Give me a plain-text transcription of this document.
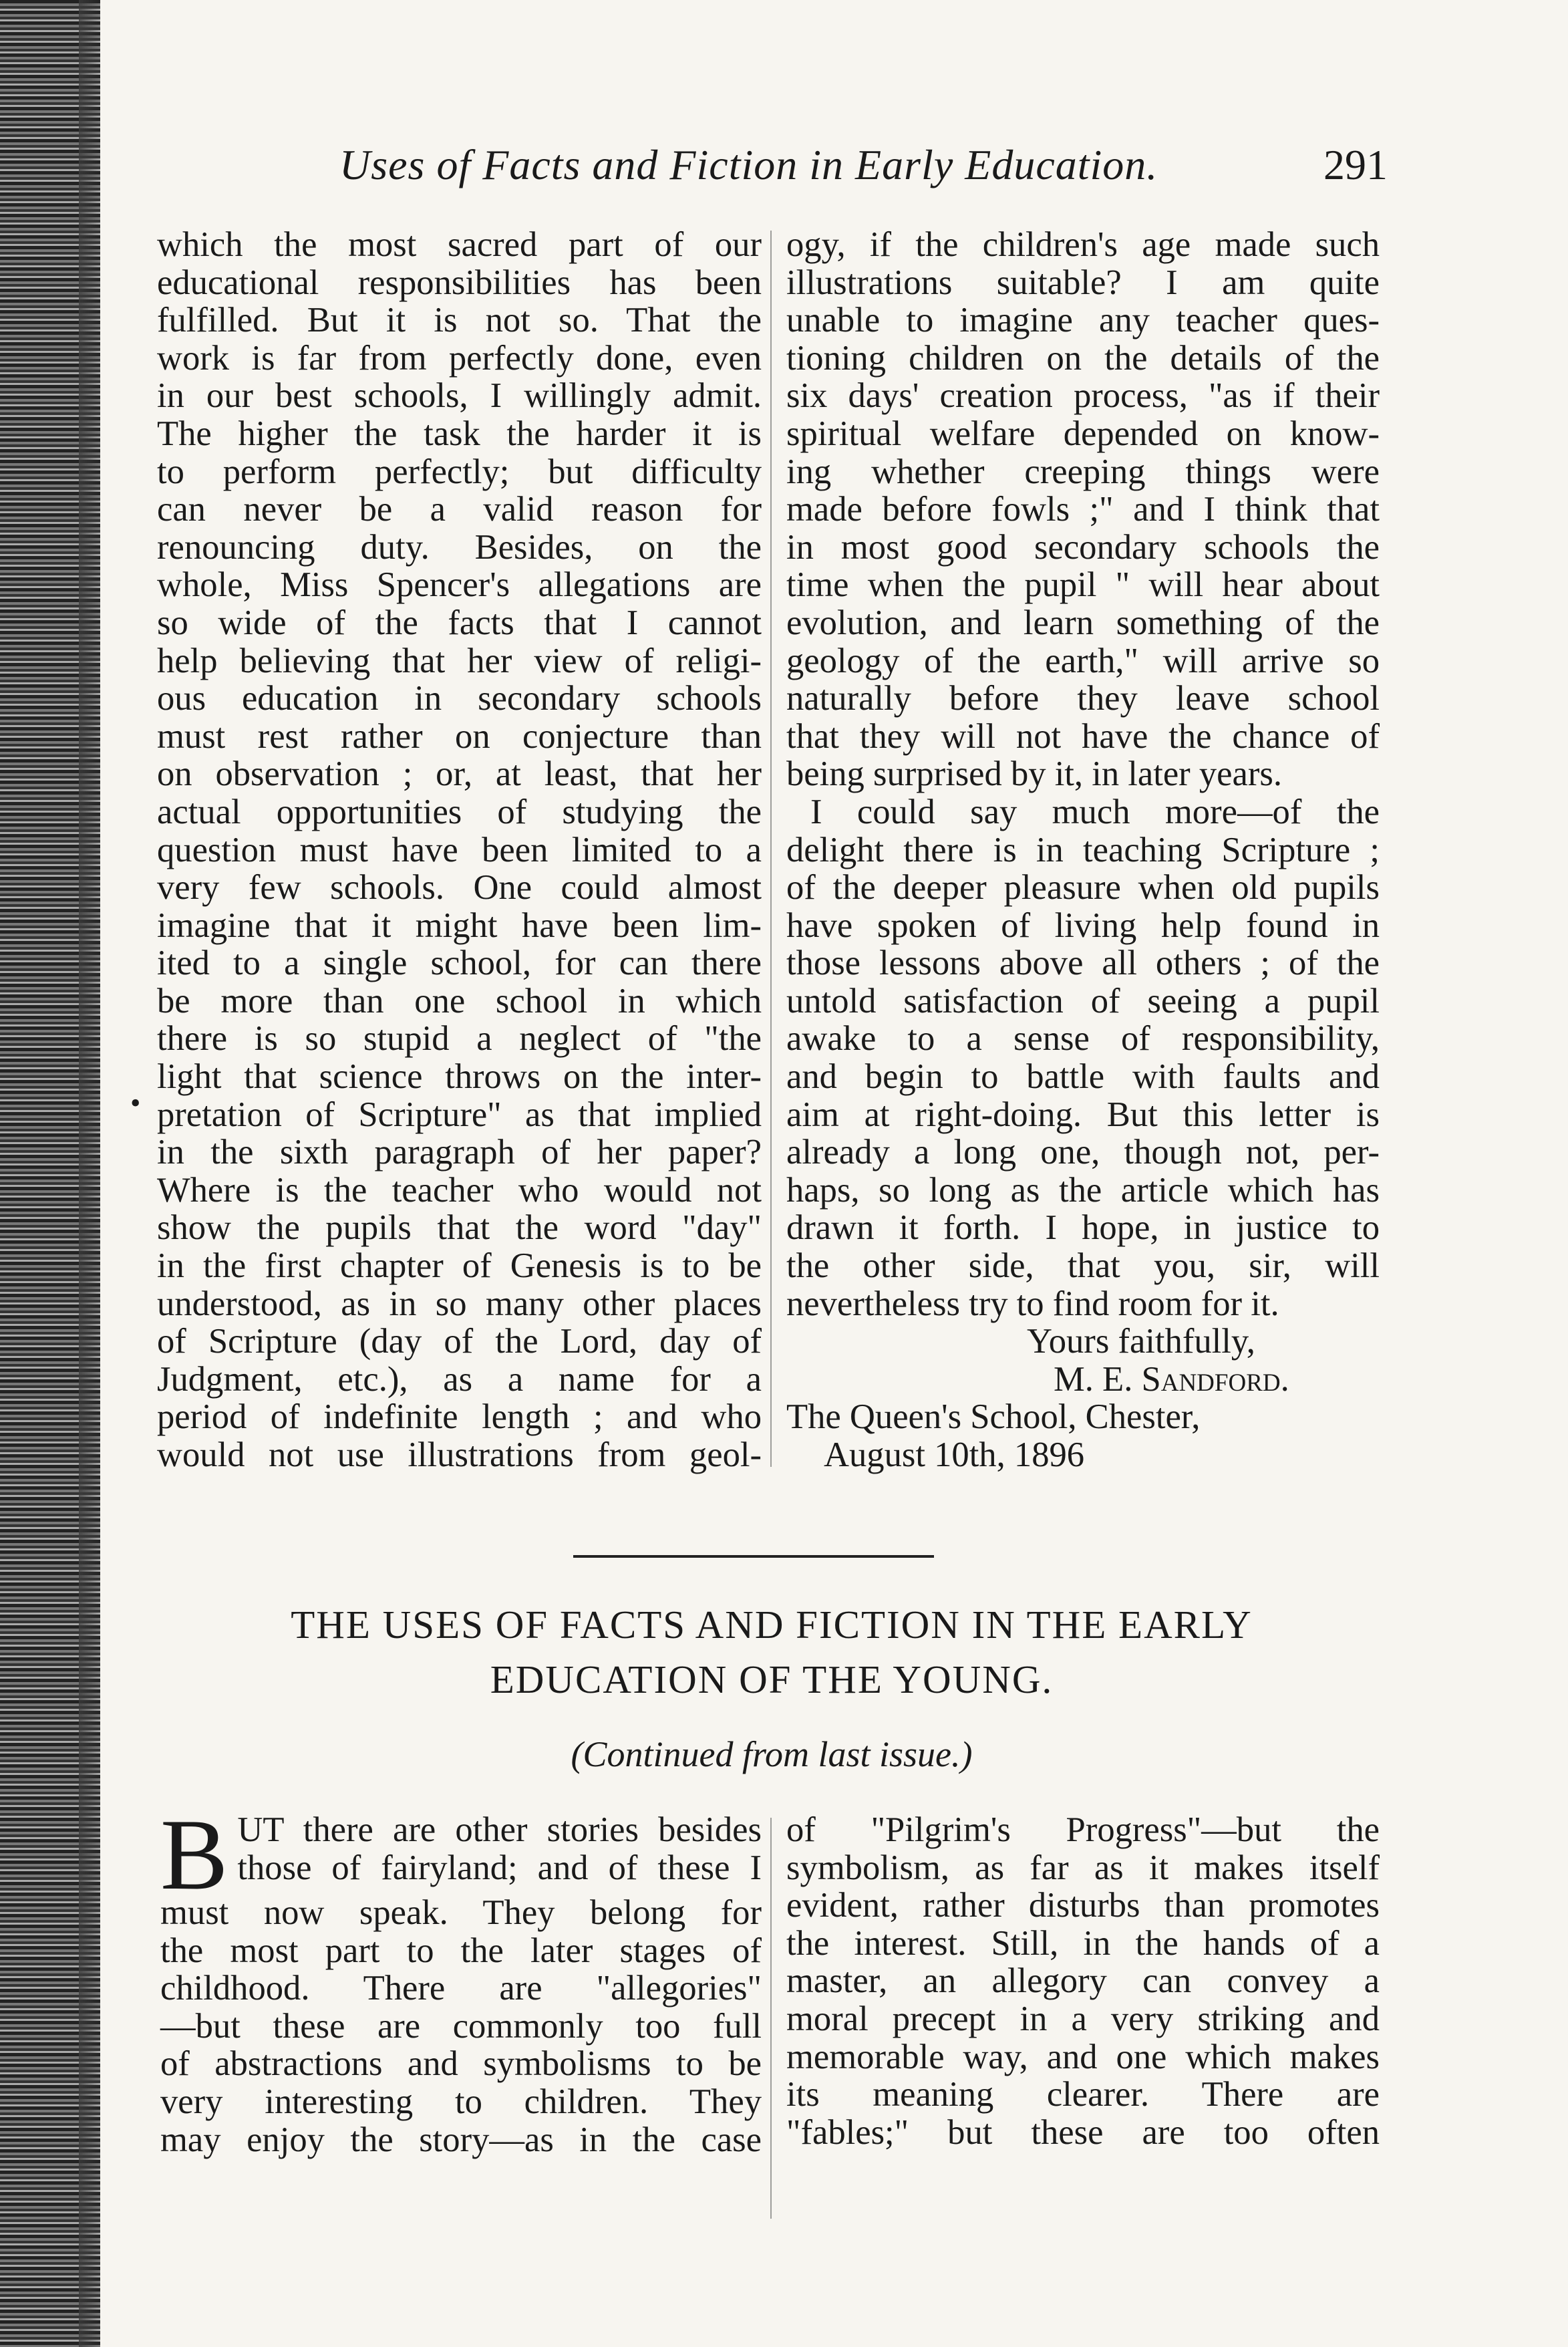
Uses of Facts and Fiction in Early Education.	291
•
which the most sacred part of our
educational responsibilities has been
fulfilled. But it is not so. That the
work is far from perfectly done, even
in our best schools, I willingly admit.
The higher the task the harder it is
to perform perfectly; but difficulty
can never be a valid reason for
renouncing duty. Besides, on the
whole, Miss Spencer's allegations are
so wide of the facts that I cannot
help believing that her view of religi-
ous education in secondary schools
must rest rather on conjecture than
on observation ; or, at least, that her
actual opportunities of studying the
question must have been limited to a
very few schools. One could almost
imagine that it might have been lim-
ited to a single school, for can there
be more than one school in which
there is so stupid a neglect of "the
light that science throws on the inter-
pretation of Scripture" as that implied
in the sixth paragraph of her paper?
Where is the teacher who would not
show the pupils that the word "day"
in the first chapter of Genesis is to be
understood, as in so many other places
of Scripture (day of the Lord, day of
Judgment, etc.), as a name for a
period of indefinite length ; and who
would not use illustrations from geol-
ogy, if the children's age made such
illustrations suitable? I am quite
unable to imagine any teacher ques-
tioning children on the details of the
six days' creation process, "as if their
spiritual welfare depended on know-
ing whether creeping things were
made before fowls ;" and I think that
in most good secondary schools the
time when the pupil " will hear about
evolution, and learn something of the
geology of the earth," will arrive so
naturally before they leave school
that they will not have the chance of
being surprised by it, in later years.
I could say much more—of the
delight there is in teaching Scripture ;
of the deeper pleasure when old pupils
have spoken of living help found in
those lessons above all others ; of the
untold satisfaction of seeing a pupil
awake to a sense of responsibility,
and begin to battle with faults and
aim at right-doing. But this letter is
already a long one, though not, per-
haps, so long as the article which has
drawn it forth. I hope, in justice to
the other side, that you, sir, will
nevertheless try to find room for it.
Yours faithfully,
M. E. Sandford.
The Queen's School, Chester,
August 10th, 1896
THE USES OF FACTS AND FICTION IN THE EARLY
EDUCATION OF THE YOUNG.
(Continued from last issue.)
B UT there are other stories besides
those of fairyland; and of these I
must now speak. They belong for
the most part to the later stages of
childhood. There are "allegories"
—but these are commonly too full
of abstractions and symbolisms to be
very interesting to children. They
may enjoy the story—as in the case
of "Pilgrim's Progress"—but the
symbolism, as far as it makes itself
evident, rather disturbs than promotes
the interest. Still, in the hands of a
master, an allegory can convey a
moral precept in a very striking and
memorable way, and one which makes
its meaning clearer. There are
"fables;" but these are too often
